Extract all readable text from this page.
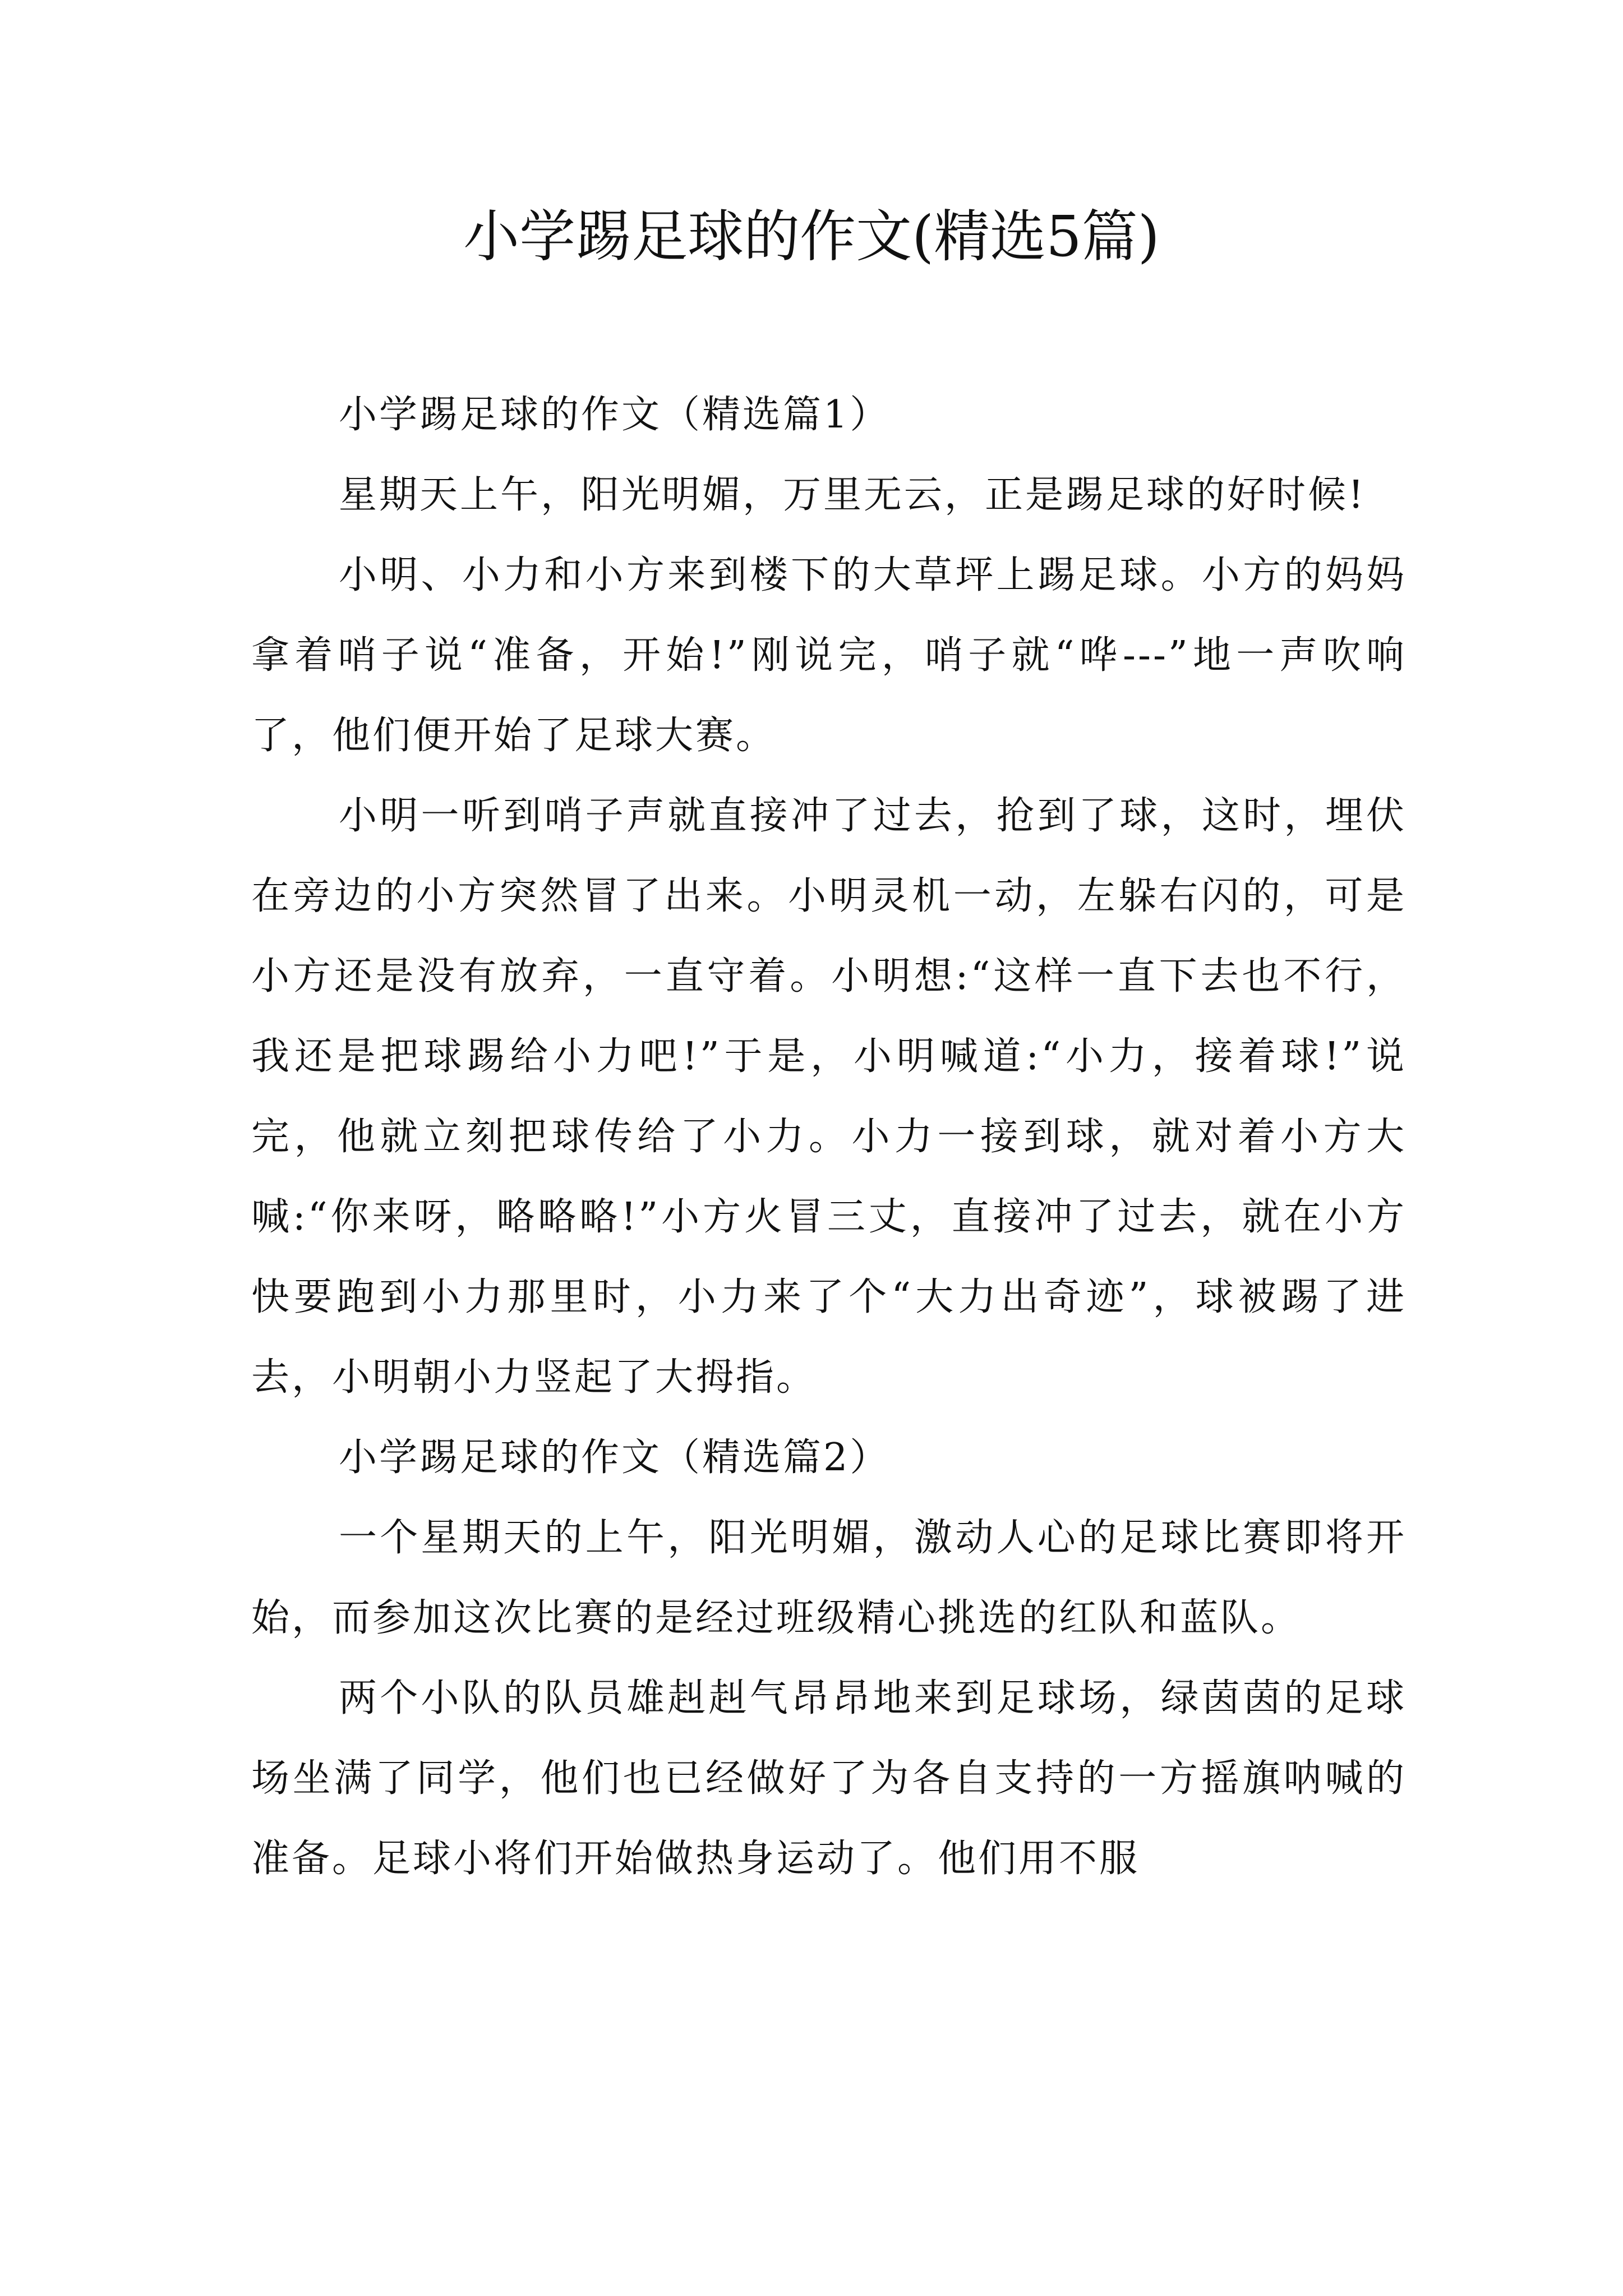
小学踢足球的作文(精选5篇)

小学踢足球的作文（精选篇1）

星期天上午，阳光明媚，万里无云，正是踢足球的好时候!

小明、小力和小方来到楼下的大草坪上踢足球。小方的妈妈拿着哨子说“准备，开始!”刚说完，哨子就“哗---”地一声吹响了，他们便开始了足球大赛。

小明一听到哨子声就直接冲了过去，抢到了球，这时，埋伏在旁边的小方突然冒了出来。小明灵机一动，左躲右闪的，可是小方还是没有放弃，一直守着。小明想:“这样一直下去也不行，我还是把球踢给小力吧!”于是，小明喊道:“小力，接着球!”说完，他就立刻把球传给了小力。小力一接到球，就对着小方大喊:“你来呀，略略略!”小方火冒三丈，直接冲了过去，就在小方快要跑到小力那里时，小力来了个“大力出奇迹”，球被踢了进去，小明朝小力竖起了大拇指。

小学踢足球的作文（精选篇2）

一个星期天的上午，阳光明媚，激动人心的足球比赛即将开始，而参加这次比赛的是经过班级精心挑选的红队和蓝队。

两个小队的队员雄赳赳气昂昂地来到足球场，绿茵茵的足球场坐满了同学，他们也已经做好了为各自支持的一方摇旗呐喊的准备。足球小将们开始做热身运动了。他们用不服
